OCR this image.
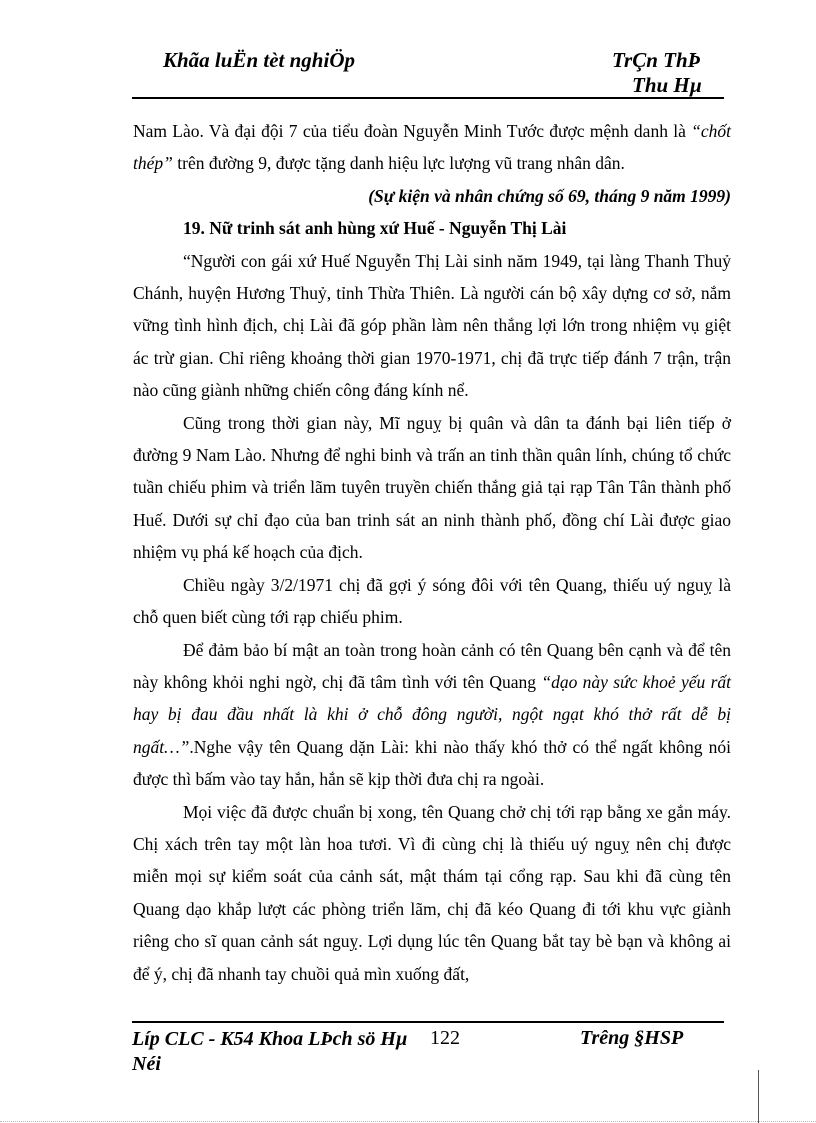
Khãa luËn tèt nghiÖp	TrÇn ThÞ
Thu Hµ

Nam Lào. Và đại đội 7 của tiểu đoàn Nguyễn Minh Tước được mệnh danh là “chốt thép” trên đường 9, được tặng danh hiệu lực lượng vũ trang nhân dân.

(Sự kiện và nhân chứng số 69, tháng 9 năm 1999)

19. Nữ trinh sát anh hùng xứ Huế - Nguyễn Thị Lài

“Người con gái xứ Huế Nguyễn Thị Lài sinh năm 1949, tại làng Thanh Thuỷ Chánh, huyện Hương Thuỷ, tỉnh Thừa Thiên. Là người cán bộ xây dựng cơ sở, nắm vững tình hình địch, chị Lài đã góp phần làm nên thắng lợi lớn trong nhiệm vụ giệt ác trừ gian. Chỉ riêng khoảng thời gian 1970-1971, chị đã trực tiếp đánh 7 trận, trận nào cũng giành những chiến công đáng kính nể.

Cũng trong thời gian này, Mĩ nguỵ bị quân và dân ta đánh bại liên tiếp ở đường 9 Nam Lào. Nhưng để nghi binh và trấn an tinh thần quân lính, chúng tổ chức tuần chiếu phim và triển lãm tuyên truyền chiến thắng giả tại rạp Tân Tân thành phố Huế. Dưới sự chỉ đạo của ban trinh sát an ninh thành phố, đồng chí Lài được giao nhiệm vụ phá kế hoạch của địch.

Chiều ngày 3/2/1971 chị đã gợi ý sóng đôi với tên Quang, thiếu uý nguỵ là chỗ quen biết cùng tới rạp chiếu phim.

Để đảm bảo bí mật an toàn trong hoàn cảnh có tên Quang bên cạnh và để tên này không khỏi nghi ngờ, chị đã tâm tình với tên Quang “dạo này sức khoẻ yếu rất hay bị đau đầu nhất là khi ở chỗ đông người, ngột ngạt khó thở rất dễ bị ngất…”.Nghe vậy tên Quang dặn Lài: khi nào thấy khó thở có thể ngất không nói được thì bấm vào tay hắn, hắn sẽ kịp thời đưa chị ra ngoài.

Mọi việc đã được chuẩn bị xong, tên Quang chở chị tới rạp bằng xe gắn máy. Chị xách trên tay một làn hoa tươi. Vì đi cùng chị là thiếu uý nguỵ nên chị được miễn mọi sự kiểm soát của cảnh sát, mật thám tại cổng rạp. Sau khi đã cùng tên Quang dạo khắp lượt các phòng triển lãm, chị đã kéo Quang đi tới khu vực giành riêng cho sĩ quan cảnh sát nguỵ. Lợi dụng lúc tên Quang bắt tay bè bạn và không ai để ý, chị đã nhanh tay chuồi quả mìn xuống đất,

Líp CLC - K54 Khoa LÞch sö Hµ Néi
122	Trêng §HSP
